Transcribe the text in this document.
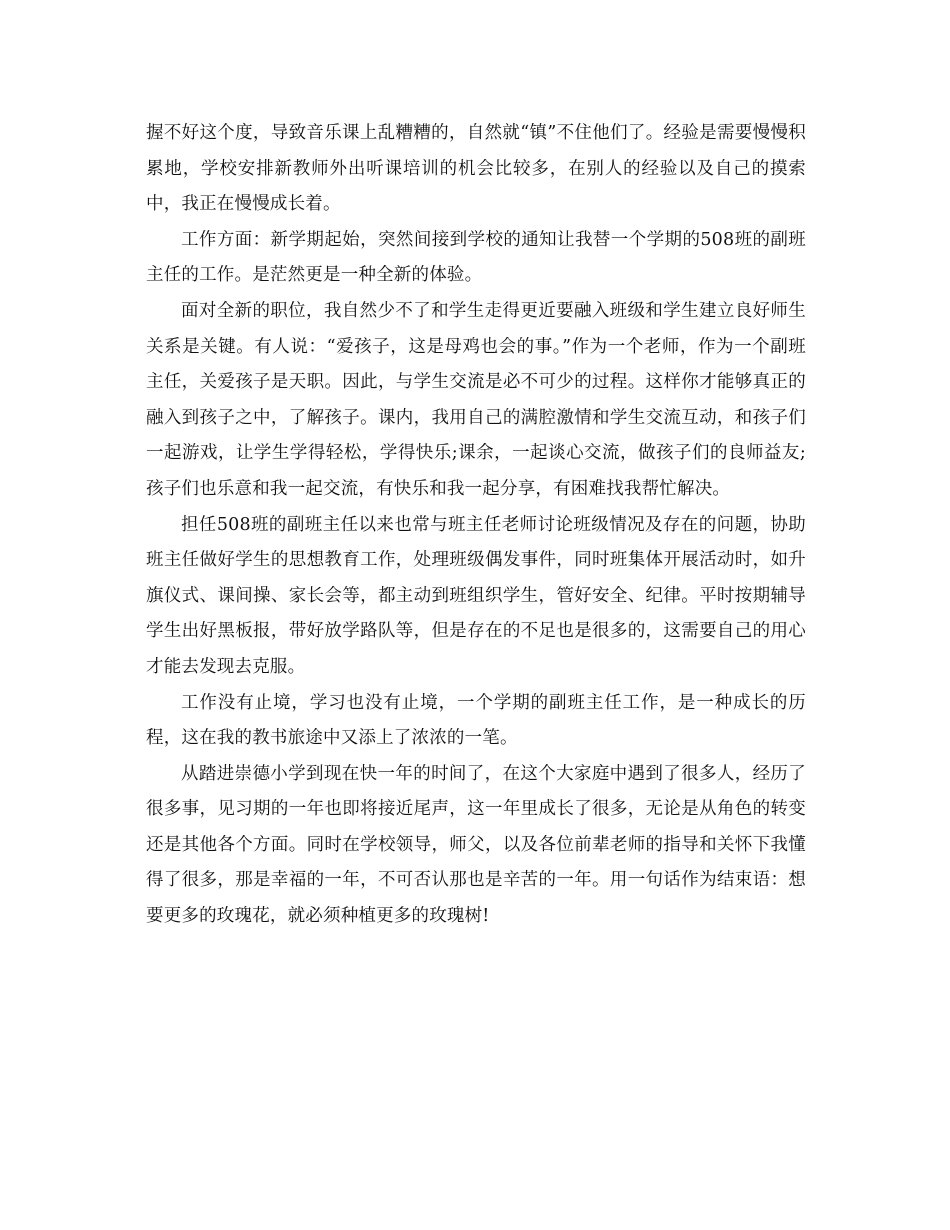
握不好这个度，导致音乐课上乱糟糟的，自然就“镇”不住他们了。经验是需要慢慢积累地，学校安排新教师外出听课培训的机会比较多，在别人的经验以及自己的摸索中，我正在慢慢成长着。

工作方面：新学期起始，突然间接到学校的通知让我替一个学期的508班的副班主任的工作。是茫然更是一种全新的体验。

面对全新的职位，我自然少不了和学生走得更近要融入班级和学生建立良好师生关系是关键。有人说：“爱孩子，这是母鸡也会的事。”作为一个老师，作为一个副班主任，关爱孩子是天职。因此，与学生交流是必不可少的过程。这样你才能够真正的融入到孩子之中，了解孩子。课内，我用自己的满腔激情和学生交流互动，和孩子们一起游戏，让学生学得轻松，学得快乐;课余，一起谈心交流，做孩子们的良师益友;孩子们也乐意和我一起交流，有快乐和我一起分享，有困难找我帮忙解决。

担任508班的副班主任以来也常与班主任老师讨论班级情况及存在的问题，协助班主任做好学生的思想教育工作，处理班级偶发事件，同时班集体开展活动时，如升旗仪式、课间操、家长会等，都主动到班组织学生，管好安全、纪律。平时按期辅导学生出好黑板报，带好放学路队等，但是存在的不足也是很多的，这需要自己的用心才能去发现去克服。

工作没有止境，学习也没有止境，一个学期的副班主任工作，是一种成长的历程，这在我的教书旅途中又添上了浓浓的一笔。

从踏进崇德小学到现在快一年的时间了，在这个大家庭中遇到了很多人，经历了很多事，见习期的一年也即将接近尾声，这一年里成长了很多，无论是从角色的转变还是其他各个方面。同时在学校领导，师父，以及各位前辈老师的指导和关怀下我懂得了很多，那是幸福的一年，不可否认那也是辛苦的一年。用一句话作为结束语：想要更多的玫瑰花，就必须种植更多的玫瑰树!
